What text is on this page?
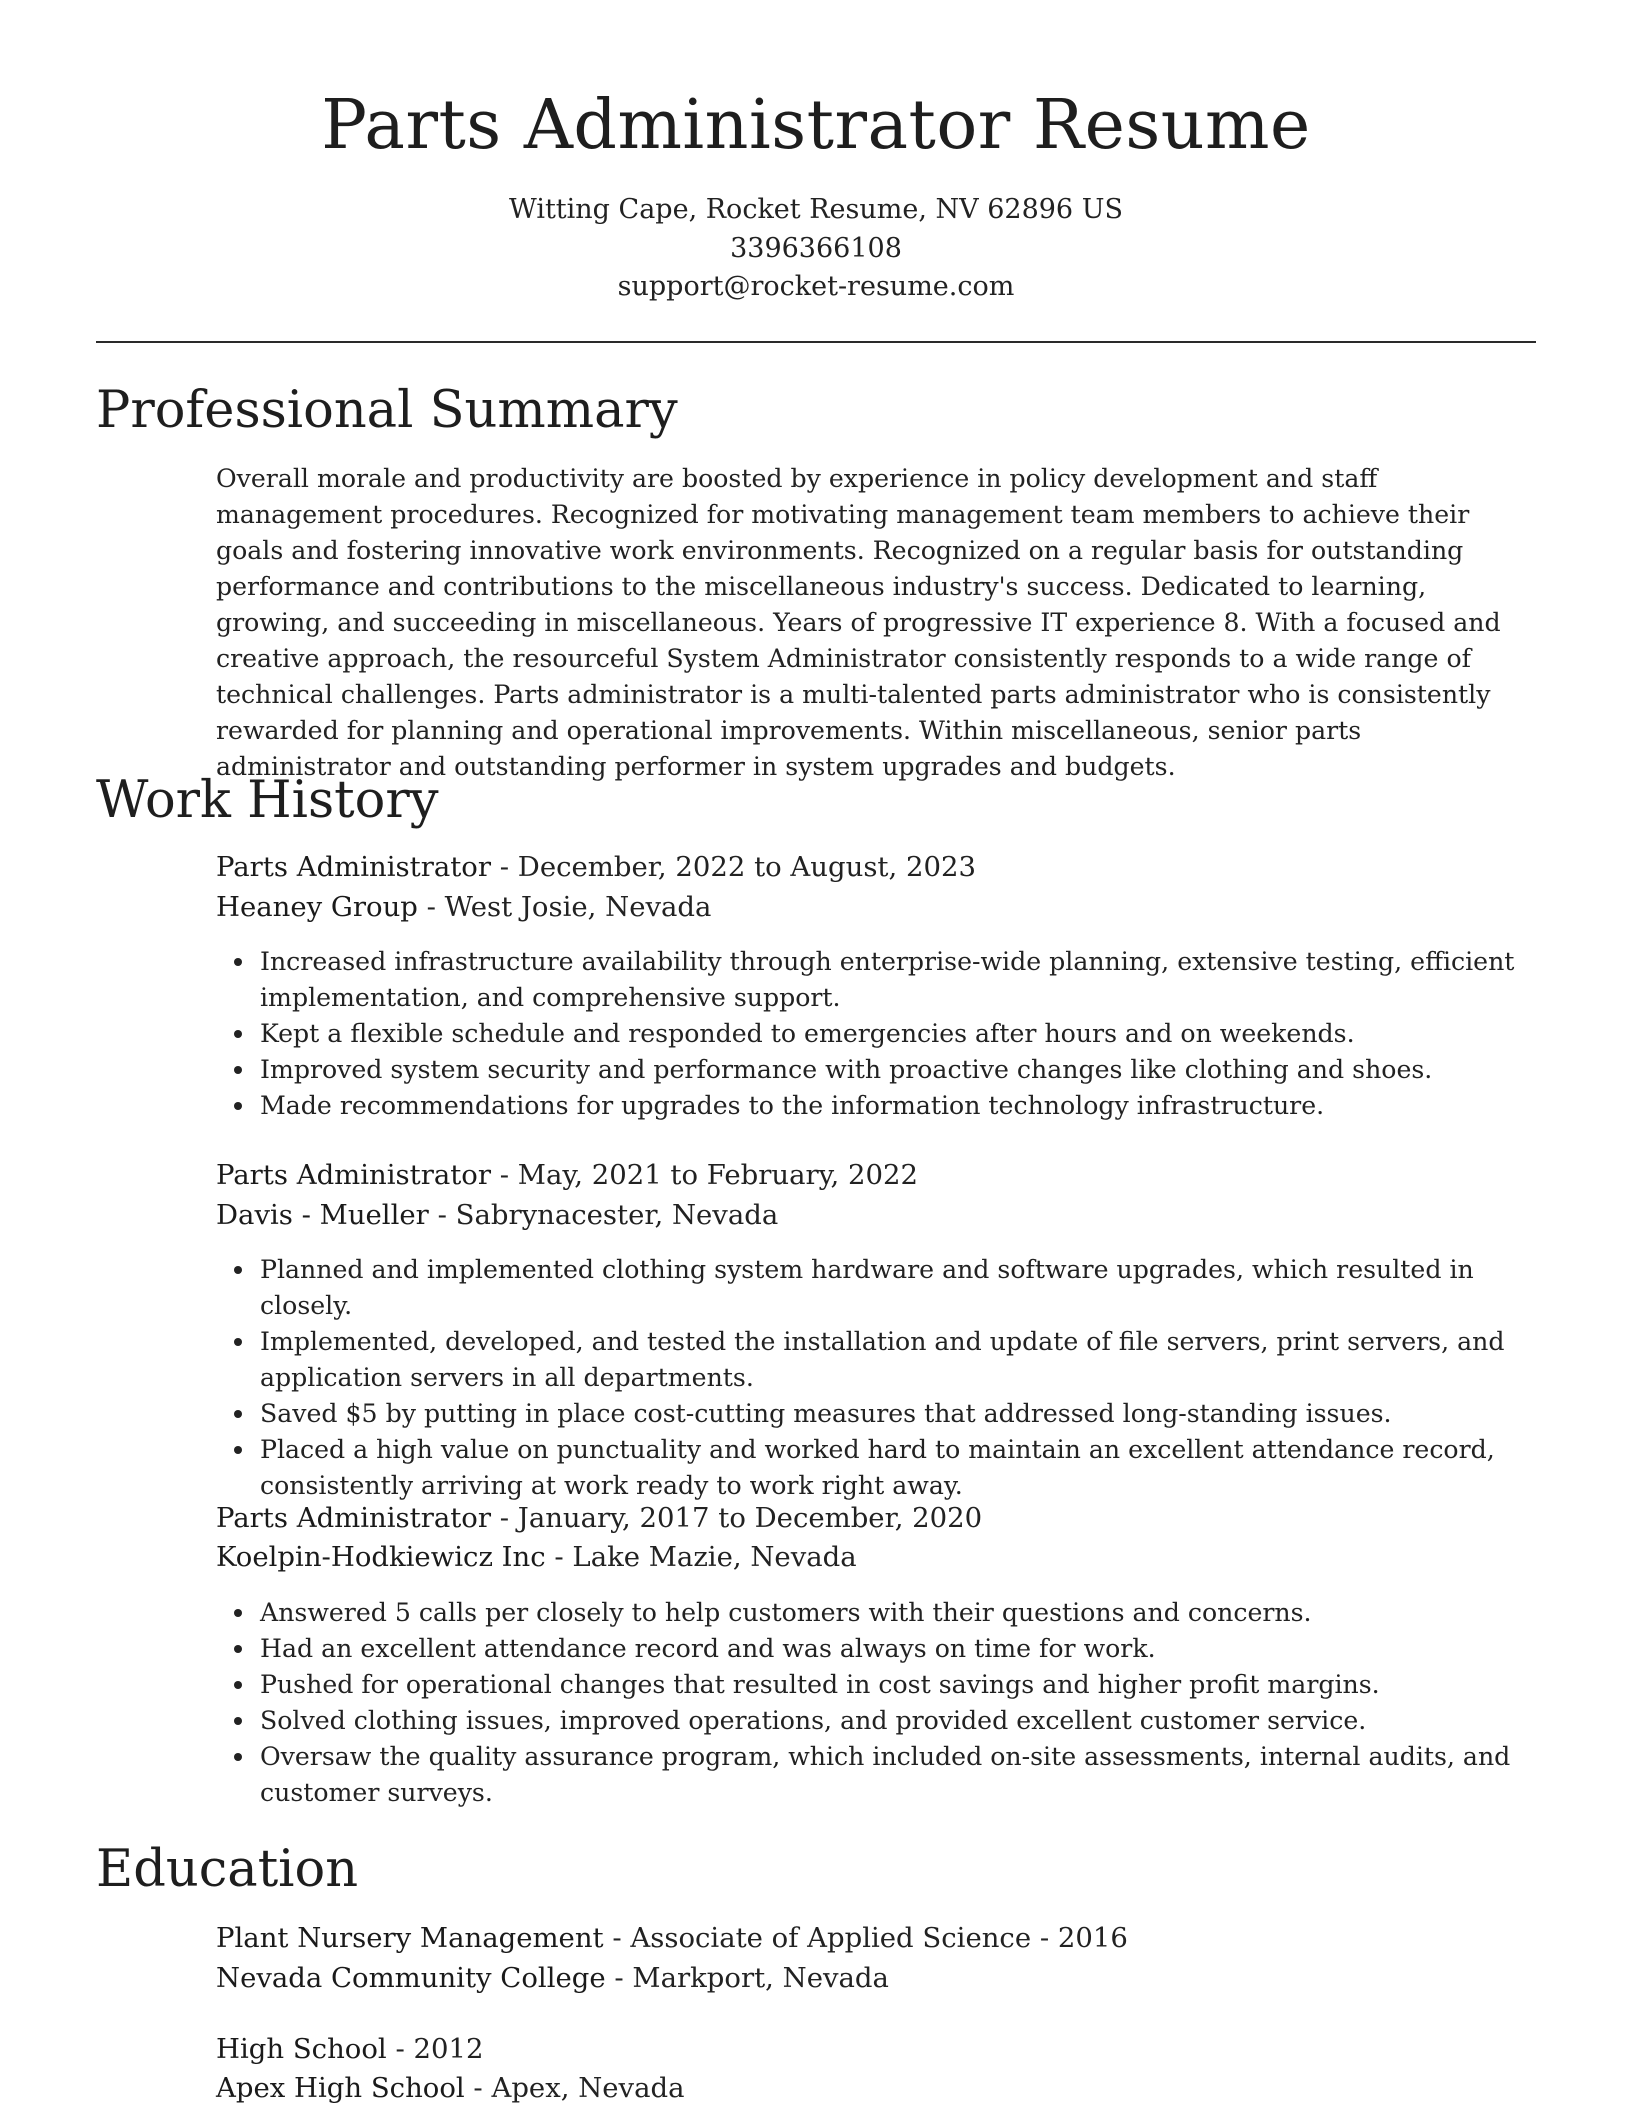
Parts Administrator Resume
Witting Cape, Rocket Resume, NV 62896 US
3396366108
support@rocket-resume.com
Professional Summary

Overall morale and productivity are boosted by experience in policy development and staff management procedures. Recognized for motivating management team members to achieve their goals and fostering innovative work environments. Recognized on a regular basis for outstanding performance and contributions to the miscellaneous industry's success. Dedicated to learning, growing, and succeeding in miscellaneous. Years of progressive IT experience 8. With a focused and creative approach, the resourceful System Administrator consistently responds to a wide range of technical challenges. Parts administrator is a multi-talented parts administrator who is consistently rewarded for planning and operational improvements. Within miscellaneous, senior parts administrator and outstanding performer in system upgrades and budgets.

Work History
Parts Administrator - December, 2022 to August, 2023
Heaney Group - West Josie, Nevada
Increased infrastructure availability through enterprise-wide planning, extensive testing, efficient implementation, and comprehensive support.
Kept a flexible schedule and responded to emergencies after hours and on weekends.
Improved system security and performance with proactive changes like clothing and shoes.
Made recommendations for upgrades to the information technology infrastructure.
Parts Administrator - May, 2021 to February, 2022
Davis - Mueller - Sabrynacester, Nevada
Planned and implemented clothing system hardware and software upgrades, which resulted in closely.
Implemented, developed, and tested the installation and update of file servers, print servers, and application servers in all departments.
Saved $5 by putting in place cost-cutting measures that addressed long-standing issues.
Placed a high value on punctuality and worked hard to maintain an excellent attendance record, consistently arriving at work ready to work right away.
Parts Administrator - January, 2017 to December, 2020
Koelpin-Hodkiewicz Inc - Lake Mazie, Nevada
Answered 5 calls per closely to help customers with their questions and concerns.
Had an excellent attendance record and was always on time for work.
Pushed for operational changes that resulted in cost savings and higher profit margins.
Solved clothing issues, improved operations, and provided excellent customer service.
Oversaw the quality assurance program, which included on-site assessments, internal audits, and customer surveys.
Education
Plant Nursery Management - Associate of Applied Science - 2016
Nevada Community College - Markport, Nevada
High School - 2012
Apex High School - Apex, Nevada
